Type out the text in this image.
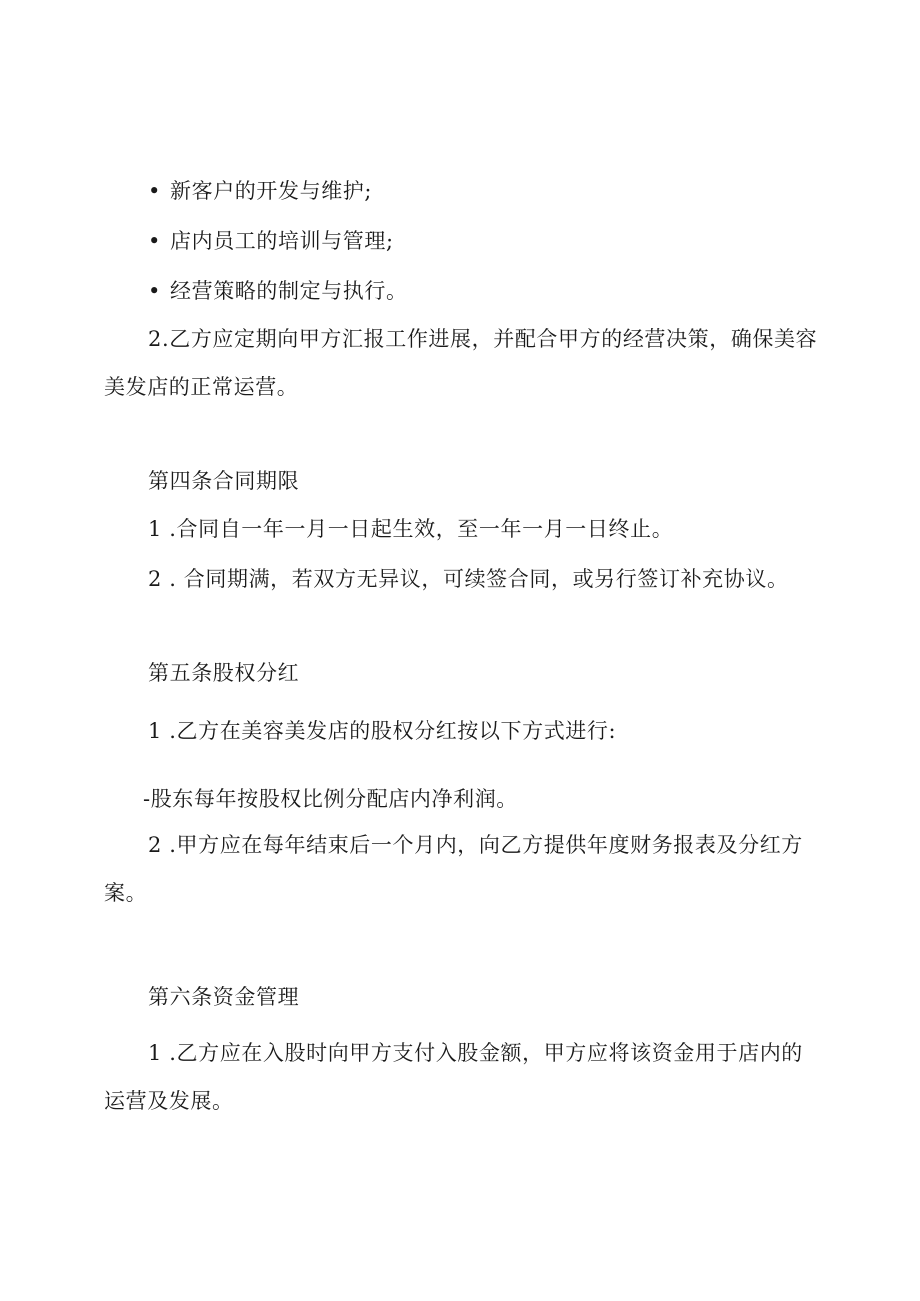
• 新客户的开发与维护;
• 店内员工的培训与管理;
• 经营策略的制定与执行。
2.乙方应定期向甲方汇报工作进展，并配合甲方的经营决策，确保美容
美发店的正常运营。
第四条合同期限
1 .合同自一年一月一日起生效，至一年一月一日终止。
2 . 合同期满，若双方无异议，可续签合同，或另行签订补充协议。
第五条股权分红
1 .乙方在美容美发店的股权分红按以下方式进行:
-股东每年按股权比例分配店内净利润。
2 .甲方应在每年结束后一个月内，向乙方提供年度财务报表及分红方
案。
第六条资金管理
1 .乙方应在入股时向甲方支付入股金额，甲方应将该资金用于店内的
运营及发展。
